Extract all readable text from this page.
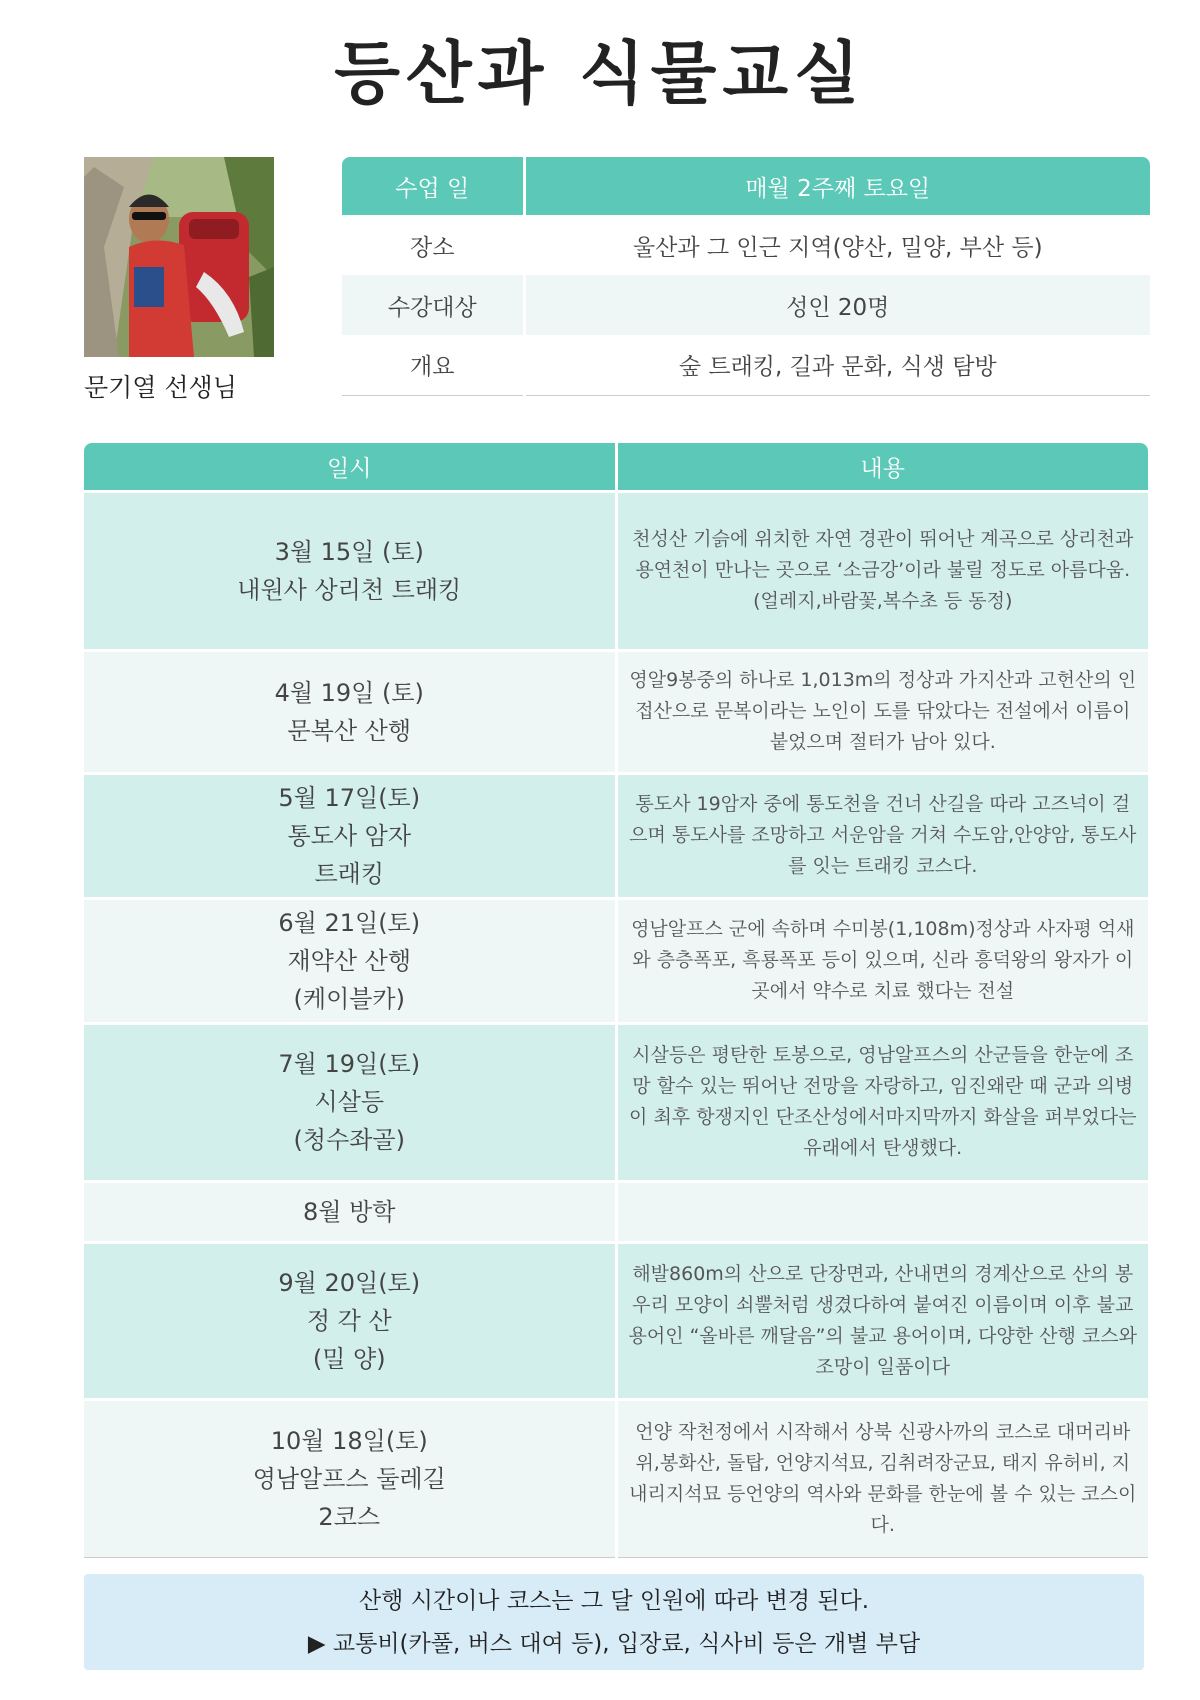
등산과 식물교실
문기열 선생님
수업 일	매월 2주째 토요일
장소	울산과 그 인근 지역(양산, 밀양, 부산 등)
수강대상	성인 20명
개요	숲 트래킹, 길과 문화, 식생 탐방
일시	내용

3월 15일 (토)
내원사 상리천 트래킹	천성산 기슭에 위치한 자연 경관이 뛰어난 계곡으로 상리천과 용연천이 만나는 곳으로 ‘소금강’이라 불릴 정도로 아름다움.(얼레지,바람꽃,복수초 등 동정)

4월 19일 (토)
문복산 산행	영알9봉중의 하나로 1,013m의 정상과 가지산과 고헌산의 인접산으로 문복이라는 노인이 도를 닦았다는 전설에서 이름이 붙었으며 절터가 남아 있다.

5월 17일(토)
통도사 암자
트래킹	통도사 19암자 중에 통도천을 건너 산길을 따라 고즈넉이 걸으며 통도사를 조망하고 서운암을 거쳐 수도암,안양암, 통도사를 잇는 트래킹 코스다.

6월 21일(토)
재약산 산행
(케이블카)	영남알프스 군에 속하며 수미봉(1,108m)정상과 사자평 억새와 층층폭포, 흑룡폭포 등이 있으며, 신라 흥덕왕의 왕자가 이곳에서 약수로 치료 했다는 전설

7월 19일(토)
시살등
(청수좌골)	시살등은 평탄한 토봉으로, 영남알프스의 산군들을 한눈에 조망 할수 있는 뛰어난 전망을 자랑하고, 임진왜란 때 군과 의병이 최후 항쟁지인 단조산성에서마지막까지 화살을 퍼부었다는 유래에서 탄생했다.

8월 방학	

9월 20일(토)
정 각 산
(밀 양)	해발860m의 산으로 단장면과, 산내면의 경계산으로 산의 봉우리 모양이 쇠뿔처럼 생겼다하여 붙여진 이름이며 이후 불교 용어인 “올바른 깨달음”의 불교 용어이며, 다양한 산행 코스와 조망이 일품이다

10월 18일(토)
영남알프스 둘레길
2코스	언양 작천정에서 시작해서 상북 신광사까의 코스로 대머리바위,봉화산, 돌탑, 언양지석묘, 김취려장군묘, 태지 유허비, 지내리지석묘 등언양의 역사와 문화를 한눈에 볼 수 있는 코스이다.
산행 시간이나 코스는 그 달 인원에 따라 변경 된다.
▶ 교통비(카풀, 버스 대여 등), 입장료, 식사비 등은 개별 부담
